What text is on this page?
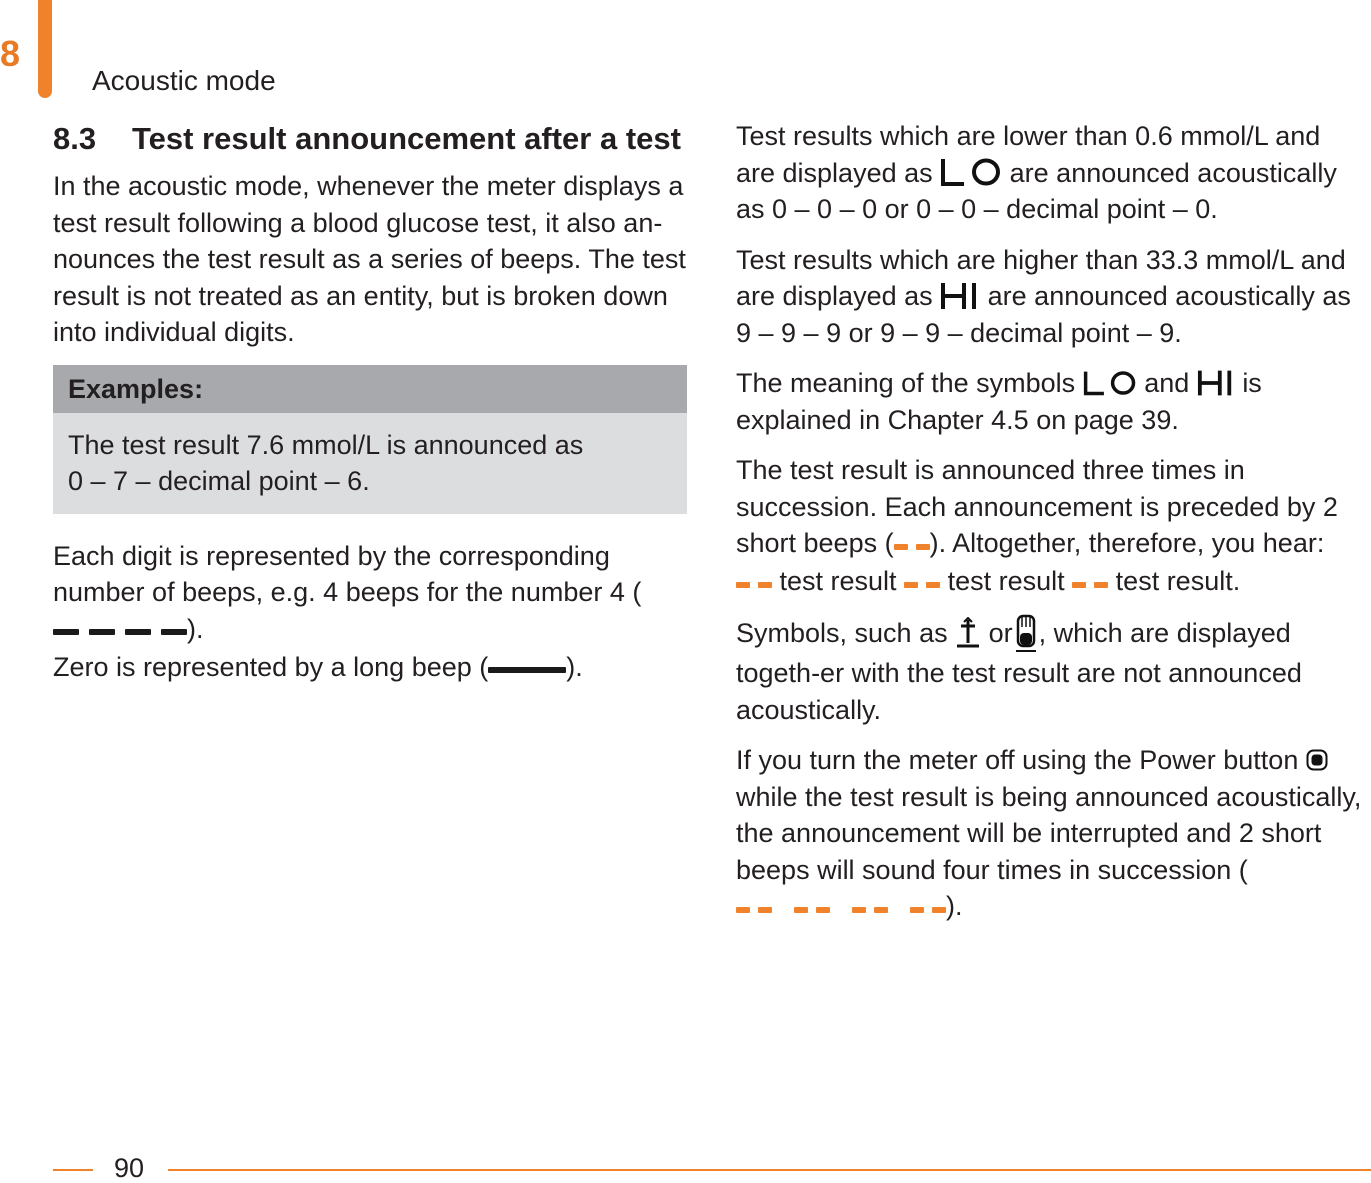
8
Acoustic mode
8.3	Test result announcement after a test

In the acoustic mode, whenever the meter displays a test result following a blood glucose test, it also an-nounces the test result as a series of beeps. The test result is not treated as an entity, but is broken down into individual digits.

Examples:
The test result 7.6 mmol/L is announced as
0 – 7 – decimal point – 6.

Each digit is represented by the corresponding number of beeps, e.g. 4 beeps for the number 4 ().
Zero is represented by a long beep (	).

Test results which are lower than 0.6 mmol/L and are displayed as	are announced acoustically as 0 – 0 – 0 or 0 – 0 – decimal point – 0.

Test results which are higher than 33.3 mmol/L and are displayed as are announced acoustically as 9 – 9 – 9 or 9 – 9 – decimal point – 9.

The meaning of the symbols	and is explained in Chapter 4.5 on page 39.

The test result is announced three times in succession. Each announcement is preceded by 2 short beeps ( ). Altogether, therefore, you hear:
test result test result test result.

Symbols, such as or , which are displayed togeth-er with the test result are not announced acoustically.

If you turn the meter off using the Power button  while the test result is being announced acoustically, the announcement will be interrupted and 2 short beeps will sound four times in succession ().

90
